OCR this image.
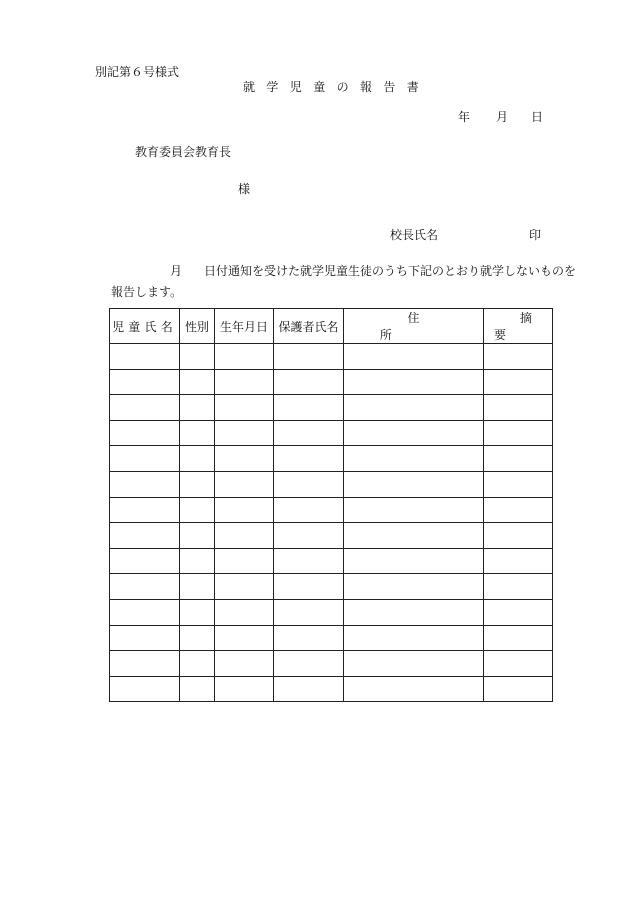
別記第６号様式
就学児童の報告書
年 月 日
教育委員会教育長
様
校長氏名	印
月 日付通知を受けた就学児童生徒のうち下記のとおり就学しないものを
報告します。
児童氏名	性別	生年月日	保護者氏名	住所	摘要
